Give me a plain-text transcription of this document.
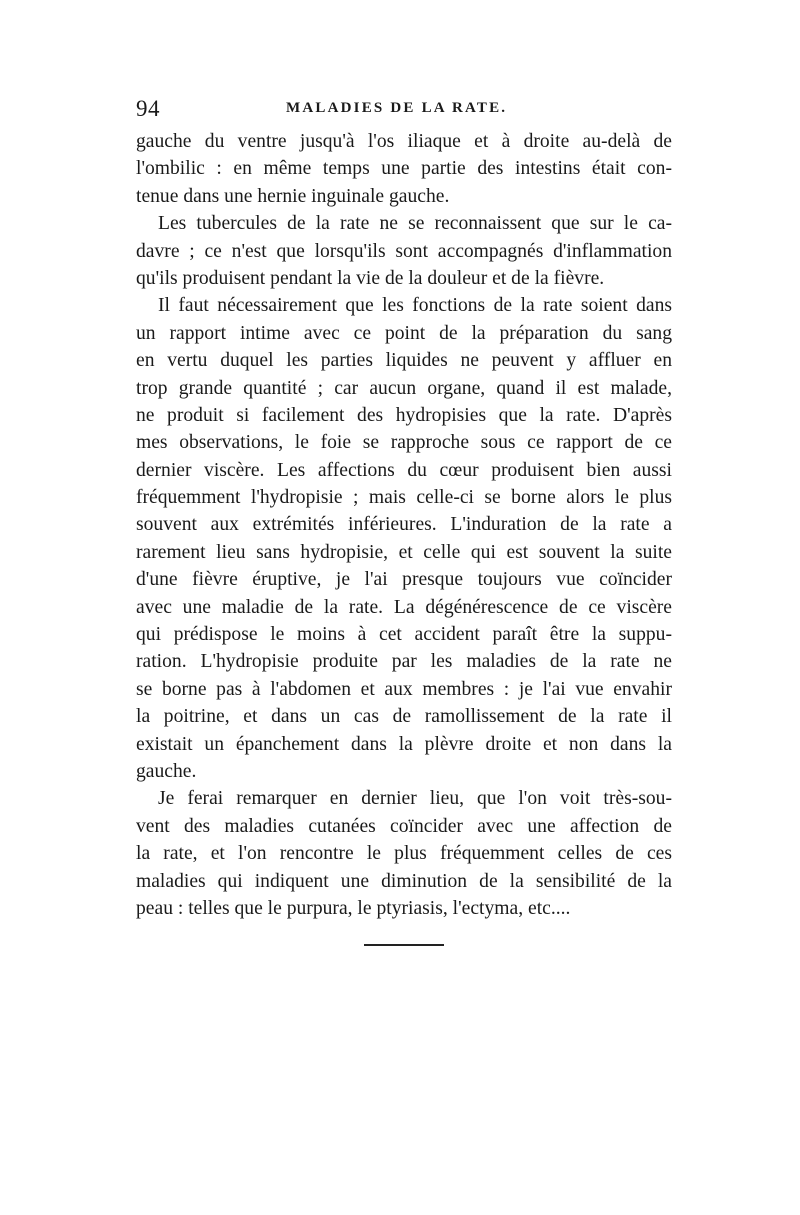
94	MALADIES DE LA RATE.
gauche du ventre jusqu'à l'os iliaque et à droite au-delà de
l'ombilic : en même temps une partie des intestins était con-
tenue dans une hernie inguinale gauche.
Les tubercules de la rate ne se reconnaissent que sur le ca-
davre ; ce n'est que lorsqu'ils sont accompagnés d'inflammation
qu'ils produisent pendant la vie de la douleur et de la fièvre.
Il faut nécessairement que les fonctions de la rate soient dans
un rapport intime avec ce point de la préparation du sang
en vertu duquel les parties liquides ne peuvent y affluer en
trop grande quantité ; car aucun organe, quand il est malade,
ne produit si facilement des hydropisies que la rate. D'après
mes observations, le foie se rapproche sous ce rapport de ce
dernier viscère. Les affections du cœur produisent bien aussi
fréquemment l'hydropisie ; mais celle-ci se borne alors le plus
souvent aux extrémités inférieures. L'induration de la rate a
rarement lieu sans hydropisie, et celle qui est souvent la suite
d'une fièvre éruptive, je l'ai presque toujours vue coïncider
avec une maladie de la rate. La dégénérescence de ce viscère
qui prédispose le moins à cet accident paraît être la suppu-
ration. L'hydropisie produite par les maladies de la rate ne
se borne pas à l'abdomen et aux membres : je l'ai vue envahir
la poitrine, et dans un cas de ramollissement de la rate il
existait un épanchement dans la plèvre droite et non dans la
gauche.
Je ferai remarquer en dernier lieu, que l'on voit très-sou-
vent des maladies cutanées coïncider avec une affection de
la rate, et l'on rencontre le plus fréquemment celles de ces
maladies qui indiquent une diminution de la sensibilité de la
peau : telles que le purpura, le ptyriasis, l'ectyma, etc....
